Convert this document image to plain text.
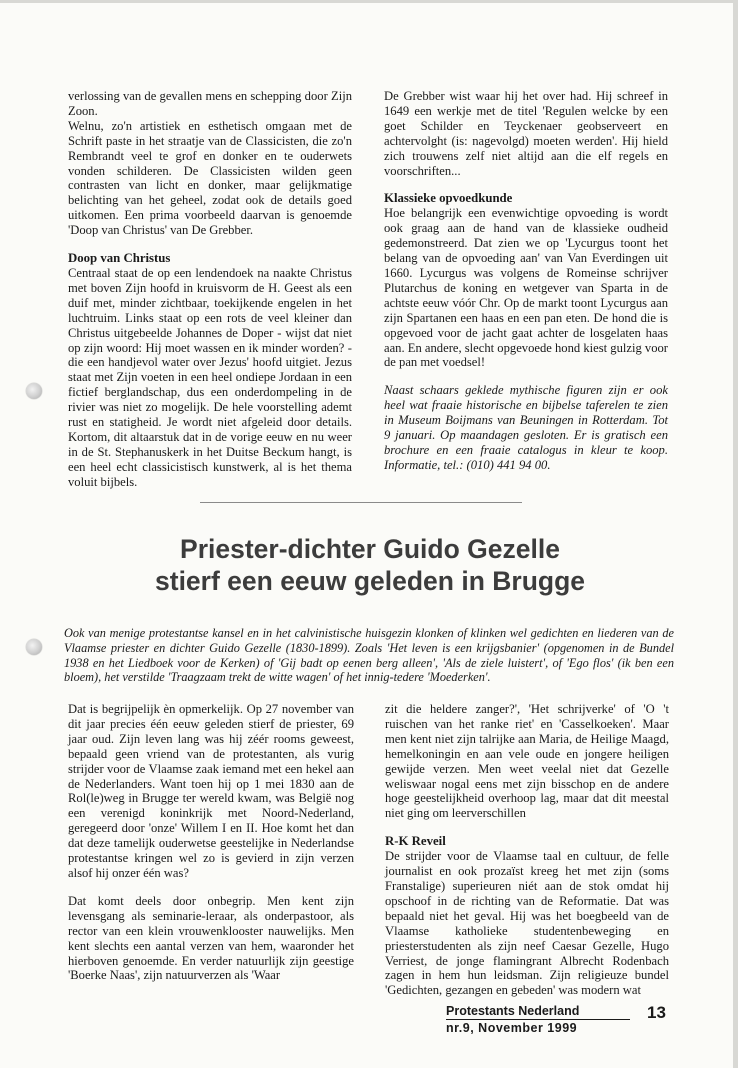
verlossing van de gevallen mens en schepping door Zijn Zoon.

Welnu, zo'n artistiek en esthetisch omgaan met de Schrift paste in het straatje van de Classicisten, die zo'n Rembrandt veel te grof en donker en te ouderwets vonden schilderen. De Classicisten wilden geen contrasten van licht en donker, maar gelijkmatige belichting van het geheel, zodat ook de details goed uitkomen. Een prima voorbeeld daarvan is genoemde 'Doop van Christus' van De Grebber.

Doop van Christus

Centraal staat de op een lendendoek na naakte Christus met boven Zijn hoofd in kruisvorm de H. Geest als een duif met, minder zichtbaar, toekijkende engelen in het luchtruim. Links staat op een rots de veel kleiner dan Christus uitgebeelde Johannes de Doper - wijst dat niet op zijn woord: Hij moet wassen en ik minder worden? - die een handjevol water over Jezus' hoofd uitgiet. Jezus staat met Zijn voeten in een heel ondiepe Jordaan in een fictief berglandschap, dus een onderdompeling in de rivier was niet zo mogelijk. De hele voorstelling ademt rust en statigheid. Je wordt niet afgeleid door details. Kortom, dit altaarstuk dat in de vorige eeuw en nu weer in de St. Stephanuskerk in het Duitse Beckum hangt, is een heel echt classicistisch kunstwerk, al is het thema voluit bijbels.

De Grebber wist waar hij het over had. Hij schreef in 1649 een werkje met de titel 'Regulen welcke by een goet Schilder en Teyckenaer geobserveert en achtervolght (is: nagevolgd) moeten werden'. Hij hield zich trouwens zelf niet altijd aan die elf regels en voorschriften...

Klassieke opvoedkunde

Hoe belangrijk een evenwichtige opvoeding is wordt ook graag aan de hand van de klassieke oudheid gedemonstreerd. Dat zien we op 'Lycurgus toont het belang van de opvoeding aan' van Van Everdingen uit 1660. Lycurgus was volgens de Romeinse schrijver Plutarchus de koning en wetgever van Sparta in de achtste eeuw vóór Chr. Op de markt toont Lycurgus aan zijn Spartanen een haas en een pan eten. De hond die is opgevoed voor de jacht gaat achter de losgelaten haas aan. En andere, slecht opgevoede hond kiest gulzig voor de pan met voedsel!

Naast schaars geklede mythische figuren zijn er ook heel wat fraaie historische en bijbelse taferelen te zien in Museum Boijmans van Beuningen in Rotterdam. Tot 9 januari. Op maandagen gesloten. Er is gratisch een brochure en een fraaie catalogus in kleur te koop. Informatie, tel.: (010) 441 94 00.

Priester-dichter Guido Gezelle
stierf een eeuw geleden in Brugge
Ook van menige protestantse kansel en in het calvinistische huisgezin klonken of klinken wel gedichten en liederen van de Vlaamse priester en dichter Guido Gezelle (1830-1899). Zoals 'Het leven is een krijgsbanier' (opgenomen in de Bundel 1938 en het Liedboek voor de Kerken) of 'Gij badt op eenen berg alleen', 'Als de ziele luistert', of 'Ego flos' (ik ben een bloem), het verstilde 'Traagzaam trekt de witte wagen' of het innig-tedere 'Moederken'.

Dat is begrijpelijk èn opmerkelijk. Op 27 november van dit jaar precies één eeuw geleden stierf de priester, 69 jaar oud. Zijn leven lang was hij zéér rooms geweest, bepaald geen vriend van de protestanten, als vurig strijder voor de Vlaamse zaak iemand met een hekel aan de Nederlanders. Want toen hij op 1 mei 1830 aan de Rol(le)weg in Brugge ter wereld kwam, was België nog een verenigd koninkrijk met Noord-Nederland, geregeerd door 'onze' Willem I en II. Hoe komt het dan dat deze tamelijk ouderwetse geestelijke in Nederlandse protestantse kringen wel zo is gevierd in zijn verzen alsof hij onzer één was?

Dat komt deels door onbegrip. Men kent zijn levensgang als seminarie-leraar, als onderpastoor, als rector van een klein vrouwenklooster nauwelijks. Men kent slechts een aantal verzen van hem, waaronder het hierboven genoemde. En verder natuurlijk zijn geestige 'Boerke Naas', zijn natuurverzen als 'Waar

zit die heldere zanger?', 'Het schrijverke' of 'O 't ruischen van het ranke riet' en 'Casselkoeken'. Maar men kent niet zijn talrijke aan Maria, de Heilige Maagd, hemelkoningin en aan vele oude en jongere heiligen gewijde verzen. Men weet veelal niet dat Gezelle weliswaar nogal eens met zijn bisschop en de andere hoge geestelijkheid overhoop lag, maar dat dit meestal niet ging om leerverschillen

R-K Reveil

De strijder voor de Vlaamse taal en cultuur, de felle journalist en ook prozaïst kreeg het met zijn (soms Franstalige) superieuren niét aan de stok omdat hij opschoof in de richting van de Reformatie. Dat was bepaald niet het geval. Hij was het boegbeeld van de Vlaamse katholieke studentenbeweging en priesterstudenten als zijn neef Caesar Gezelle, Hugo Verriest, de jonge flamingrant Albrecht Rodenbach zagen in hem hun leidsman. Zijn religieuze bundel 'Gedichten, gezangen en gebeden' was modern wat

Protestants Nederland
nr.9, November 1999
13
